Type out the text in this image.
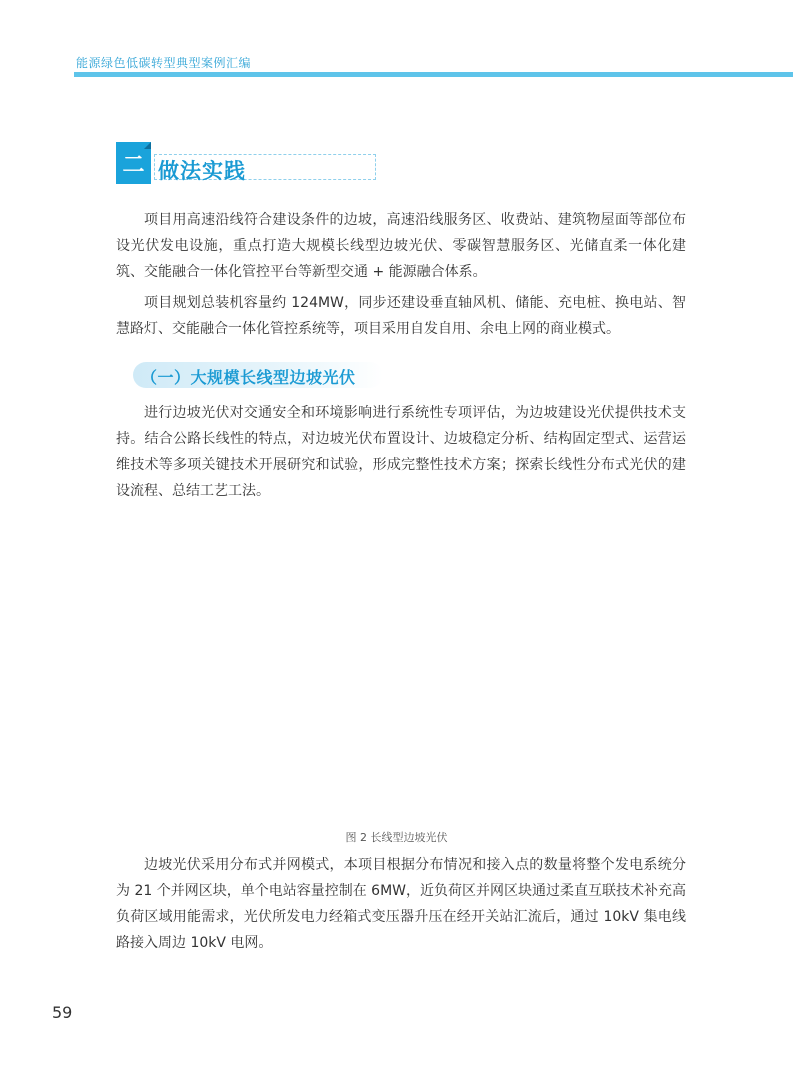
能源绿色低碳转型典型案例汇编
二 做法实践

项目用高速沿线符合建设条件的边坡，高速沿线服务区、收费站、建筑物屋面等部位布设光伏发电设施，重点打造大规模长线型边坡光伏、零碳智慧服务区、光储直柔一体化建筑、交能融合一体化管控平台等新型交通 + 能源融合体系。

项目规划总装机容量约 124MW，同步还建设垂直轴风机、储能、充电桩、换电站、智慧路灯、交能融合一体化管控系统等，项目采用自发自用、余电上网的商业模式。

（一）大规模长线型边坡光伏

进行边坡光伏对交通安全和环境影响进行系统性专项评估，为边坡建设光伏提供技术支持。结合公路长线性的特点，对边坡光伏布置设计、边坡稳定分析、结构固定型式、运营运维技术等多项关键技术开展研究和试验，形成完整性技术方案；探索长线性分布式光伏的建设流程、总结工艺工法。

图 2 长线型边坡光伏

边坡光伏采用分布式并网模式，本项目根据分布情况和接入点的数量将整个发电系统分为 21 个并网区块，单个电站容量控制在 6MW，近负荷区并网区块通过柔直互联技术补充高负荷区域用能需求，光伏所发电力经箱式变压器升压在经开关站汇流后，通过 10kV 集电线路接入周边 10kV 电网。

59
